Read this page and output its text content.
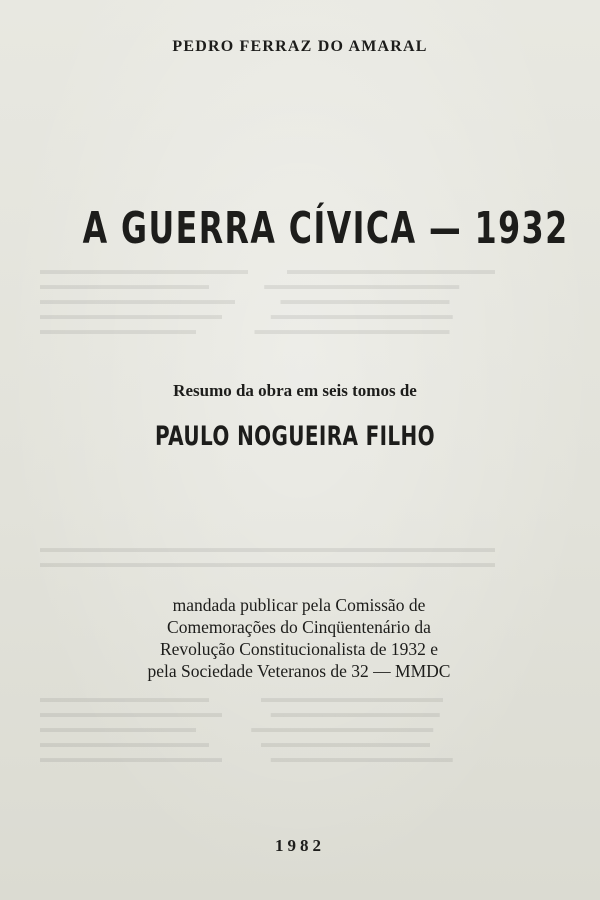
▬▬▬▬▬▬▬▬▬▬▬▬▬▬▬▬            ▬▬▬▬▬▬▬▬▬▬▬▬▬▬▬▬
▬▬▬▬▬▬▬▬▬▬▬▬▬                 ▬▬▬▬▬▬▬▬▬▬▬▬▬▬▬
▬▬▬▬▬▬▬▬▬▬▬▬▬▬▬              ▬▬▬▬▬▬▬▬▬▬▬▬▬
▬▬▬▬▬▬▬▬▬▬▬▬▬▬               ▬▬▬▬▬▬▬▬▬▬▬▬▬▬
▬▬▬▬▬▬▬▬▬▬▬▬                  ▬▬▬▬▬▬▬▬▬▬▬▬▬▬▬
▬▬▬▬▬▬▬▬▬▬▬▬▬▬▬▬▬▬▬▬▬▬▬▬▬▬▬▬▬▬▬▬▬▬▬
▬▬▬▬▬▬▬▬▬▬▬▬▬▬▬▬▬▬▬▬▬▬▬▬▬▬▬▬▬▬▬▬▬▬▬
▬▬▬▬▬▬▬▬▬▬▬▬▬                ▬▬▬▬▬▬▬▬▬▬▬▬▬▬
▬▬▬▬▬▬▬▬▬▬▬▬▬▬               ▬▬▬▬▬▬▬▬▬▬▬▬▬
▬▬▬▬▬▬▬▬▬▬▬▬                 ▬▬▬▬▬▬▬▬▬▬▬▬▬▬
▬▬▬▬▬▬▬▬▬▬▬▬▬                ▬▬▬▬▬▬▬▬▬▬▬▬▬
▬▬▬▬▬▬▬▬▬▬▬▬▬▬               ▬▬▬▬▬▬▬▬▬▬▬▬▬▬
PEDRO FERRAZ DO AMARAL
A GUERRA CÍVICA — 1932
Resumo da obra em seis tomos de
PAULO NOGUEIRA FILHO
mandada publicar pela Comissão de
Comemorações do Cinqüentenário da
Revolução Constitucionalista de 1932 e
pela Sociedade Veteranos de 32 — MMDC
1982
